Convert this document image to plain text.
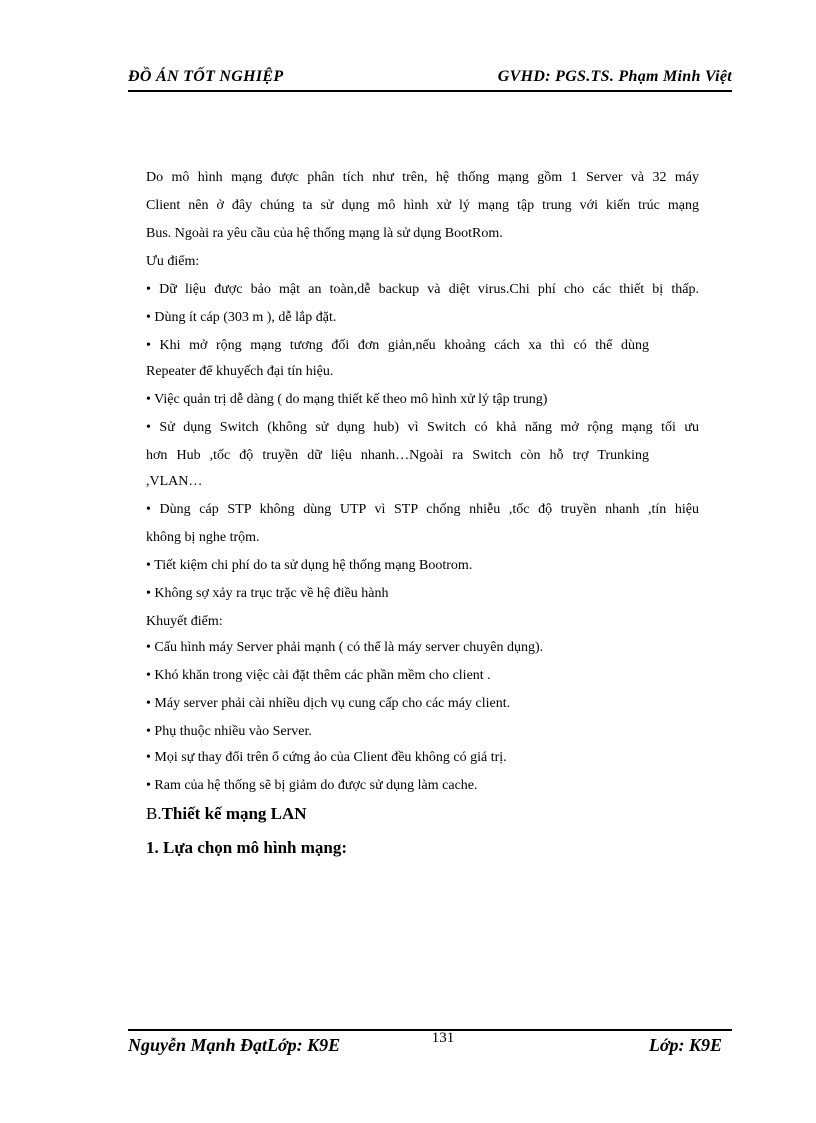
ĐỒ ÁN TỐT NGHIỆP	GVHD: PGS.TS. Phạm Minh Việt
Do mô hình mạng được phân tích như trên, hệ thống mạng gồm 1 Server và 32 máy
Client nên ở đây chúng ta sử dụng mô hình xử lý mạng tập trung với kiến trúc mạng
Bus. Ngoài ra yêu cầu của hệ thống mạng là sử dụng BootRom.
Ưu điểm:
• Dữ liệu được bảo mật an toàn,dễ backup và diệt virus.Chi phí cho các thiết bị thấp.
• Dùng ít cáp (303 m ), dễ lắp đặt.
• Khi mở rộng mạng tương đối đơn giản,nếu khoảng cách xa thì có thể dùng
Repeater để khuyếch đại tín hiệu.
• Việc quản trị dễ dàng ( do mạng thiết kế theo mô hình xử lý tập trung)
• Sử dụng Switch (không sử dụng hub) vì Switch có khả năng mở rộng mạng tối ưu
hơn Hub ,tốc độ truyền dữ liệu nhanh…Ngoài ra Switch còn hỗ trợ Trunking
,VLAN…
• Dùng cáp STP không dùng UTP vì STP chống nhiễu ,tốc độ truyền nhanh ,tín hiệu
không bị nghe trộm.
• Tiết kiệm chi phí do ta sử dụng hệ thống mạng Bootrom.
• Không sợ xảy ra trục trặc về hệ điều hành
Khuyết điểm:
• Cấu hình máy Server phải mạnh ( có thể là máy server chuyên dụng).
• Khó khăn trong việc cài đặt thêm các phần mềm cho client .
• Máy server phải cài nhiều dịch vụ cung cấp cho các máy client.
• Phụ thuộc nhiều vào Server.
• Mọi sự thay đổi trên ổ cứng ảo của Client đều không có giá trị.
• Ram của hệ thống sẽ bị giảm do được sử dụng làm cache.
B.Thiết kế mạng LAN
1. Lựa chọn mô hình mạng:
Nguyễn Mạnh ĐạtLớp: K9E	131	Lớp: K9E
